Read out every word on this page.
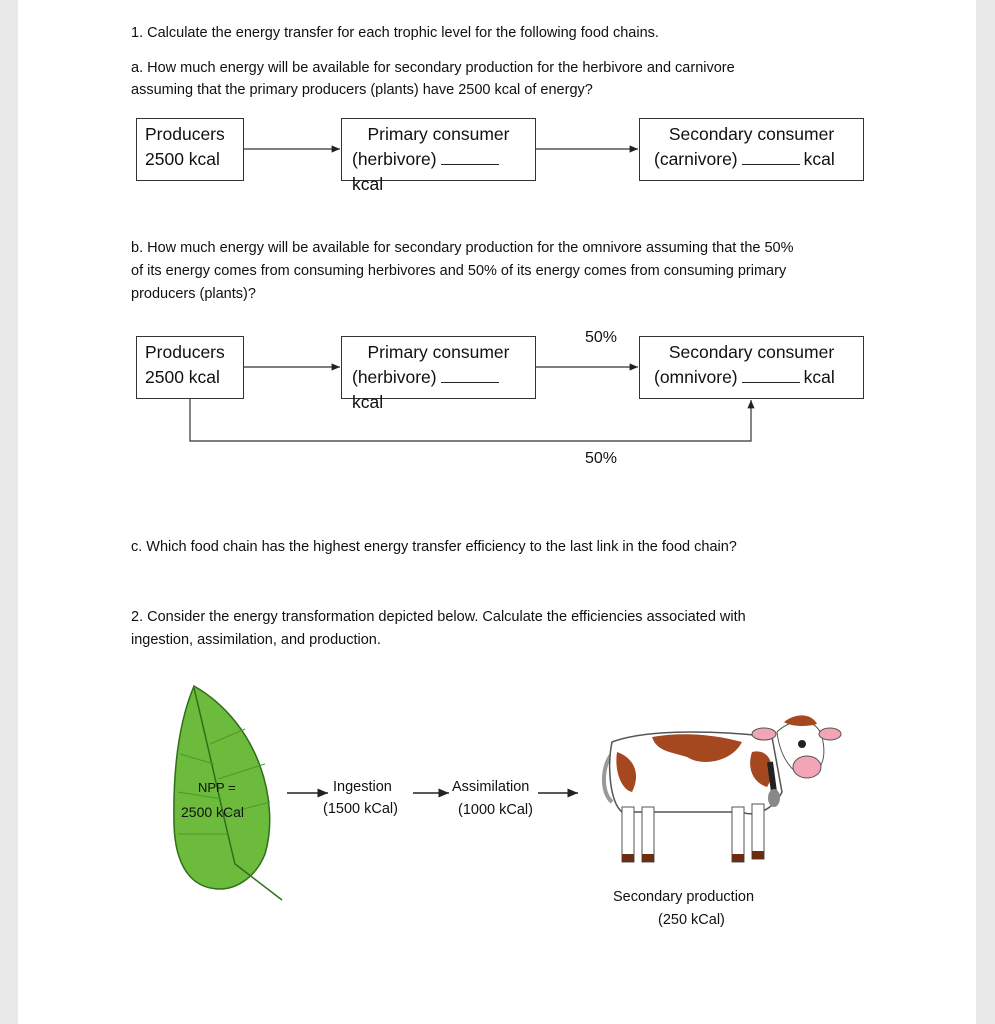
1. Calculate the energy transfer for each trophic level for the following food chains.
a. How much energy will be available for secondary production for the herbivore and carnivore
assuming that the primary producers (plants) have 2500 kcal of energy?
Producers
2500 kcal
Primary consumer
(herbivore)kcal
Secondary consumer
(carnivore)	kcal
b. How much energy will be available for secondary production for the omnivore assuming that the 50%
of its energy comes from consuming herbivores and 50% of its energy comes from consuming primary
producers (plants)?
Producers
2500 kcal
Primary consumer
(herbivore)kcal
Secondary consumer
(omnivore)	kcal
50%
50%
c. Which food chain has the highest energy transfer efficiency to the last link in the food chain?
2. Consider the energy transformation depicted below. Calculate the efficiencies associated with
ingestion, assimilation, and production.
NPP =
2500 kCal
Ingestion
(1500 kCal)
Assimilation
(1000 kCal)
Secondary production
(250 kCal)
